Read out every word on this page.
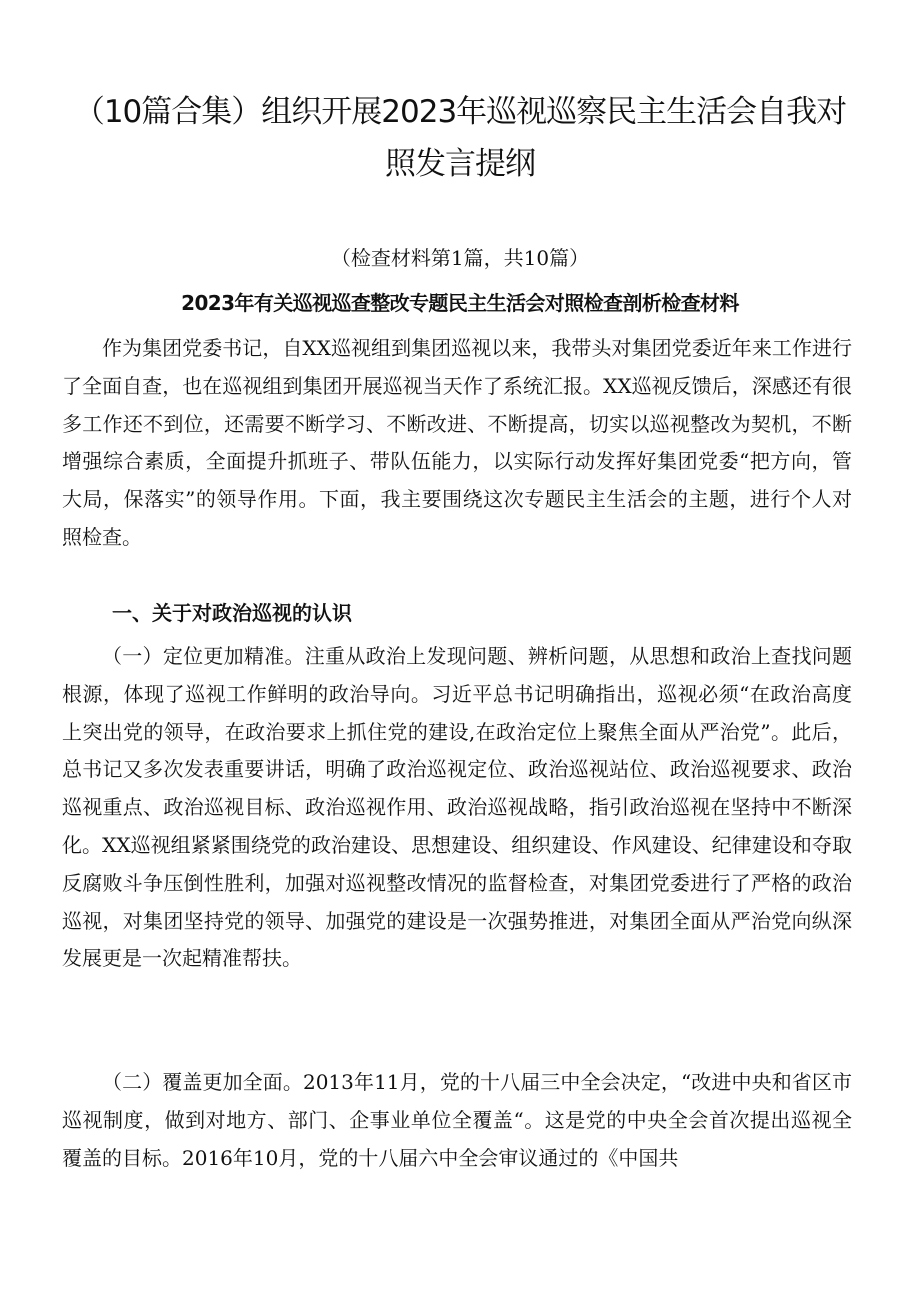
（10篇合集）组织开展2023年巡视巡察民主生活会自我对照发言提纲

（检查材料第1篇，共10篇）

2023年有关巡视巡查整改专题民主生活会对照检查剖析检查材料

作为集团党委书记，自XX巡视组到集团巡视以来，我带头对集团党委近年来工作进行了全面自查，也在巡视组到集团开展巡视当天作了系统汇报。XX巡视反馈后，深感还有很多工作还不到位，还需要不断学习、不断改进、不断提高，切实以巡视整改为契机，不断增强综合素质，全面提升抓班子、带队伍能力，以实际行动发挥好集团党委“把方向，管大局，保落实”的领导作用。下面，我主要围绕这次专题民主生活会的主题，进行个人对照检查。

一、关于对政治巡视的认识

（一）定位更加精准。注重从政治上发现问题、辨析问题，从思想和政治上查找问题根源，体现了巡视工作鲜明的政治导向。习近平总书记明确指出，巡视必须“在政治高度上突出党的领导，在政治要求上抓住党的建设,在政治定位上聚焦全面从严治党”。此后，总书记又多次发表重要讲话，明确了政治巡视定位、政治巡视站位、政治巡视要求、政治巡视重点、政治巡视目标、政治巡视作用、政治巡视战略，指引政治巡视在坚持中不断深化。XX巡视组紧紧围绕党的政治建设、思想建设、组织建设、作风建设、纪律建设和夺取反腐败斗争压倒性胜利，加强对巡视整改情况的监督检查，对集团党委进行了严格的政治巡视，对集团坚持党的领导、加强党的建设是一次强势推进，对集团全面从严治党向纵深发展更是一次起精准帮扶。

（二）覆盖更加全面。2013年11月，党的十八届三中全会决定，“改进中央和省区市巡视制度，做到对地方、部门、企事业单位全覆盖“。这是党的中央全会首次提出巡视全覆盖的目标。2016年10月，党的十八届六中全会审议通过的《中国共
